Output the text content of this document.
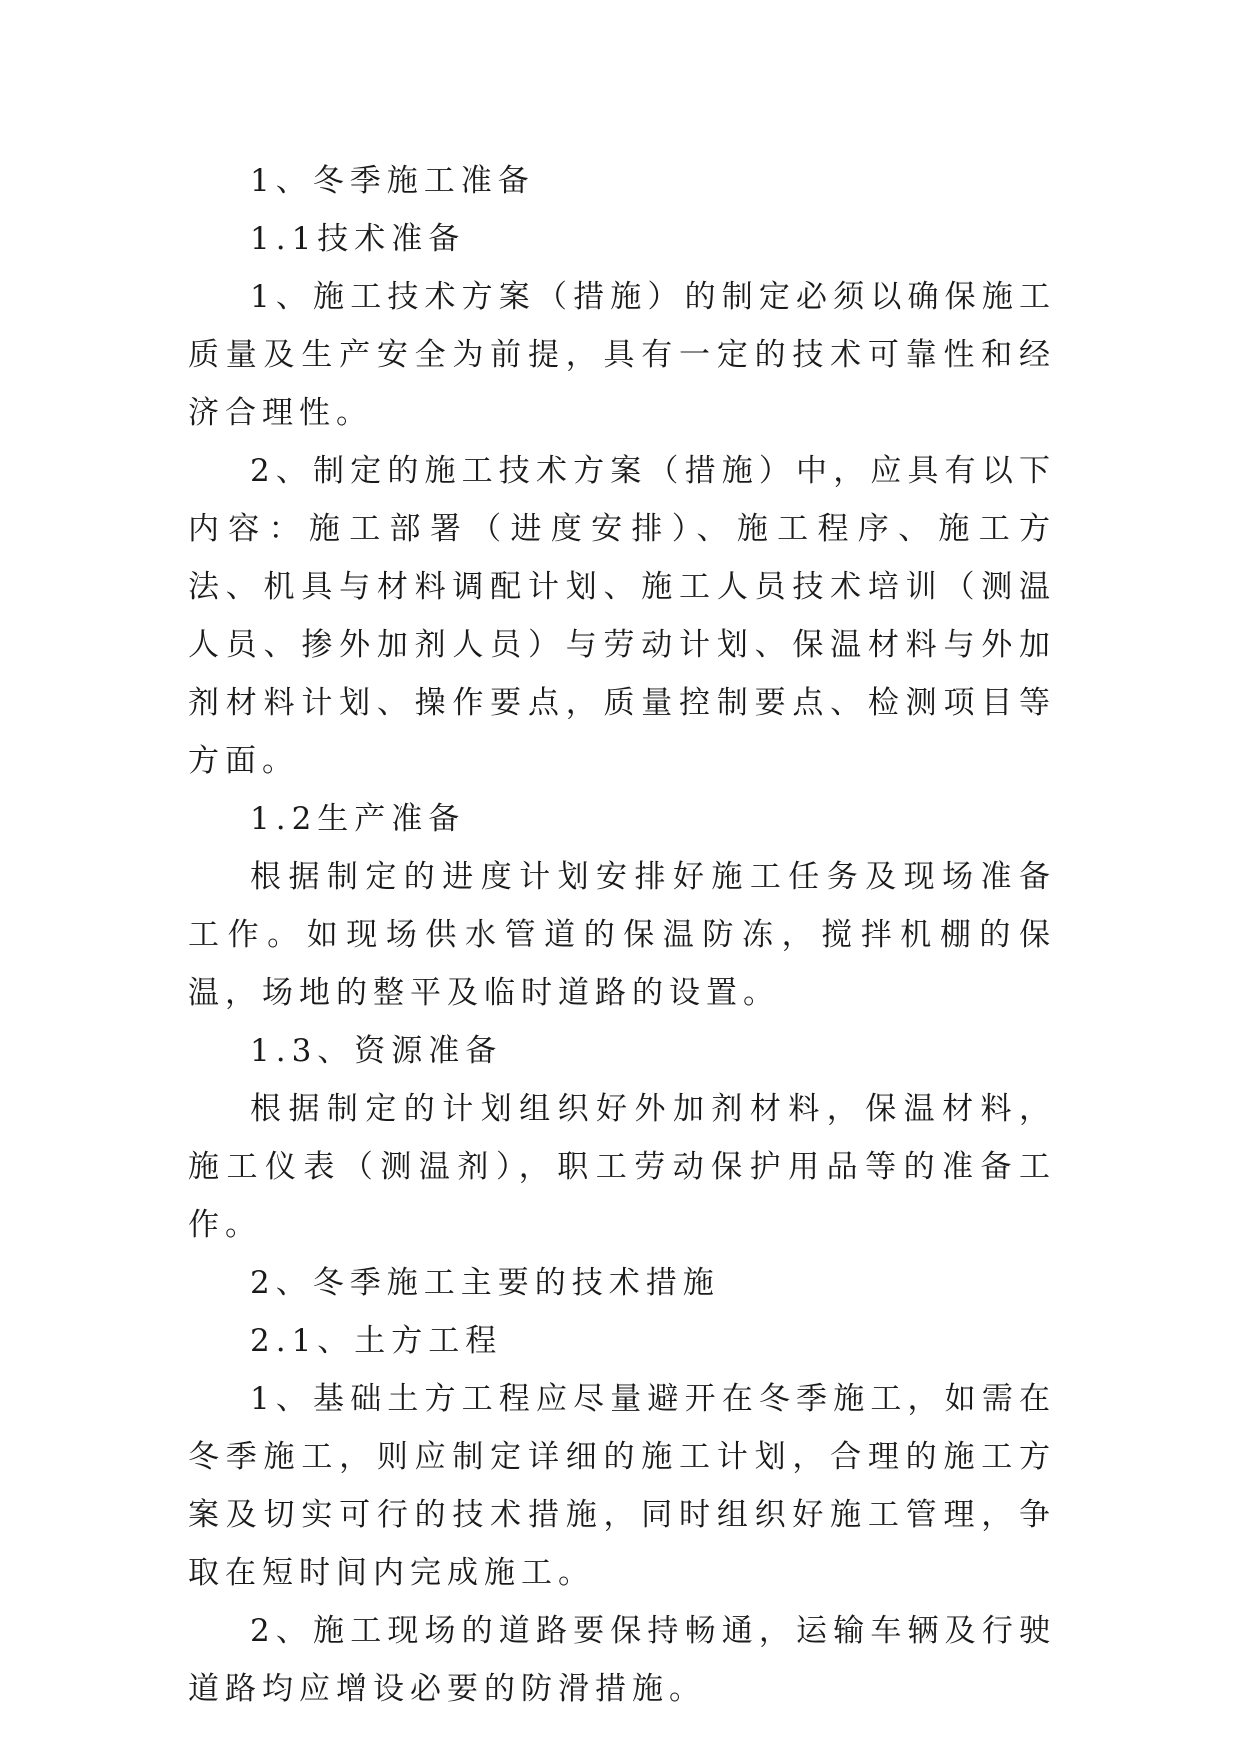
1、冬季施工准备

1.1技术准备

1、施工技术方案（措施）的制定必须以确保施工质量及生产安全为前提，具有一定的技术可靠性和经济合理性。

2、制定的施工技术方案（措施）中，应具有以下内容：施工部署（进度安排）、施工程序、施工方法、机具与材料调配计划、施工人员技术培训（测温人员、掺外加剂人员）与劳动计划、保温材料与外加剂材料计划、操作要点，质量控制要点、检测项目等方面。

1.2生产准备

根据制定的进度计划安排好施工任务及现场准备工作。如现场供水管道的保温防冻，搅拌机棚的保温，场地的整平及临时道路的设置。

1.3、资源准备

根据制定的计划组织好外加剂材料，保温材料，施工仪表（测温剂），职工劳动保护用品等的准备工作。

2、冬季施工主要的技术措施

2.1、土方工程

1、基础土方工程应尽量避开在冬季施工，如需在冬季施工，则应制定详细的施工计划，合理的施工方案及切实可行的技术措施，同时组织好施工管理，争取在短时间内完成施工。

2、施工现场的道路要保持畅通，运输车辆及行驶道路均应增设必要的防滑措施。
